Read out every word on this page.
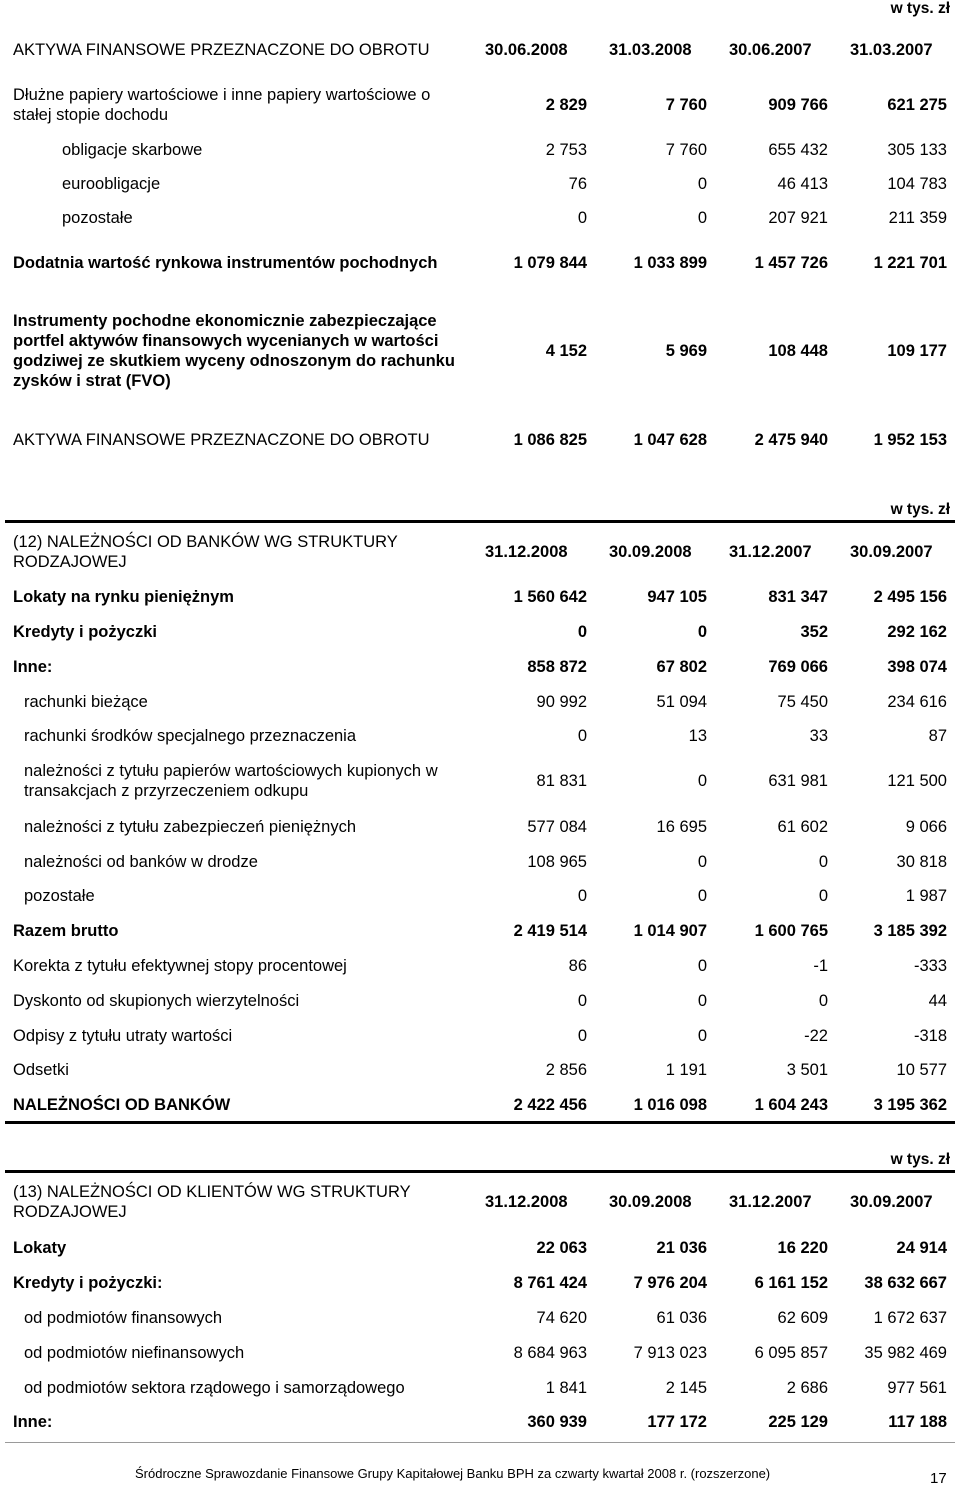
w tys. zł
AKTYWA FINANSOWE PRZEZNACZONE DO OBROTU	30.06.2008	31.03.2008	30.06.2007	31.03.2007
Dłużne papiery wartościowe i inne papiery wartościowe o stałej stopie dochodu	2 829	7 760	909 766	621 275
obligacje skarbowe	2 753	7 760	655 432	305 133
euroobligacje	76	0	46 413	104 783
pozostałe	0	0	207 921	211 359
Dodatnia wartość rynkowa instrumentów pochodnych	1 079 844	1 033 899	1 457 726	1 221 701
Instrumenty pochodne ekonomicznie zabezpieczające portfel aktywów finansowych wycenianych w wartości godziwej ze skutkiem wyceny odnoszonym do rachunku zysków i strat (FVO)	4 152	5 969	108 448	109 177
AKTYWA FINANSOWE PRZEZNACZONE DO OBROTU	1 086 825	1 047 628	2 475 940	1 952 153
w tys. zł
(12) NALEŻNOŚCI OD BANKÓW WG STRUKTURY RODZAJOWEJ	31.12.2008	30.09.2008	31.12.2007	30.09.2007
Lokaty na rynku pieniężnym	1 560 642	947 105	831 347	2 495 156
Kredyty i pożyczki	0	0	352	292 162
Inne:	858 872	67 802	769 066	398 074
rachunki bieżące	90 992	51 094	75 450	234 616
rachunki środków specjalnego przeznaczenia	0	13	33	87
należności z tytułu papierów wartościowych kupionych w transakcjach z przyrzeczeniem odkupu	81 831	0	631 981	121 500
należności z tytułu zabezpieczeń pieniężnych	577 084	16 695	61 602	9 066
należności od banków w drodze	108 965	0	0	30 818
pozostałe	0	0	0	1 987
Razem brutto	2 419 514	1 014 907	1 600 765	3 185 392
Korekta z tytułu efektywnej stopy procentowej	86	0	-1	-333
Dyskonto od skupionych wierzytelności	0	0	0	44
Odpisy z tytułu utraty wartości	0	0	-22	-318
Odsetki	2 856	1 191	3 501	10 577
NALEŻNOŚCI OD BANKÓW	2 422 456	1 016 098	1 604 243	3 195 362
w tys. zł
(13) NALEŻNOŚCI OD KLIENTÓW WG STRUKTURY RODZAJOWEJ	31.12.2008	30.09.2008	31.12.2007	30.09.2007
Lokaty	22 063	21 036	16 220	24 914
Kredyty i pożyczki:	8 761 424	7 976 204	6 161 152	38 632 667
od podmiotów finansowych	74 620	61 036	62 609	1 672 637
od podmiotów niefinansowych	8 684 963	7 913 023	6 095 857	35 982 469
od podmiotów sektora rządowego i samorządowego	1 841	2 145	2 686	977 561
Inne:	360 939	177 172	225 129	117 188
Śródroczne Sprawozdanie Finansowe Grupy Kapitałowej Banku BPH za czwarty kwartał 2008 r. (rozszerzone)	17
